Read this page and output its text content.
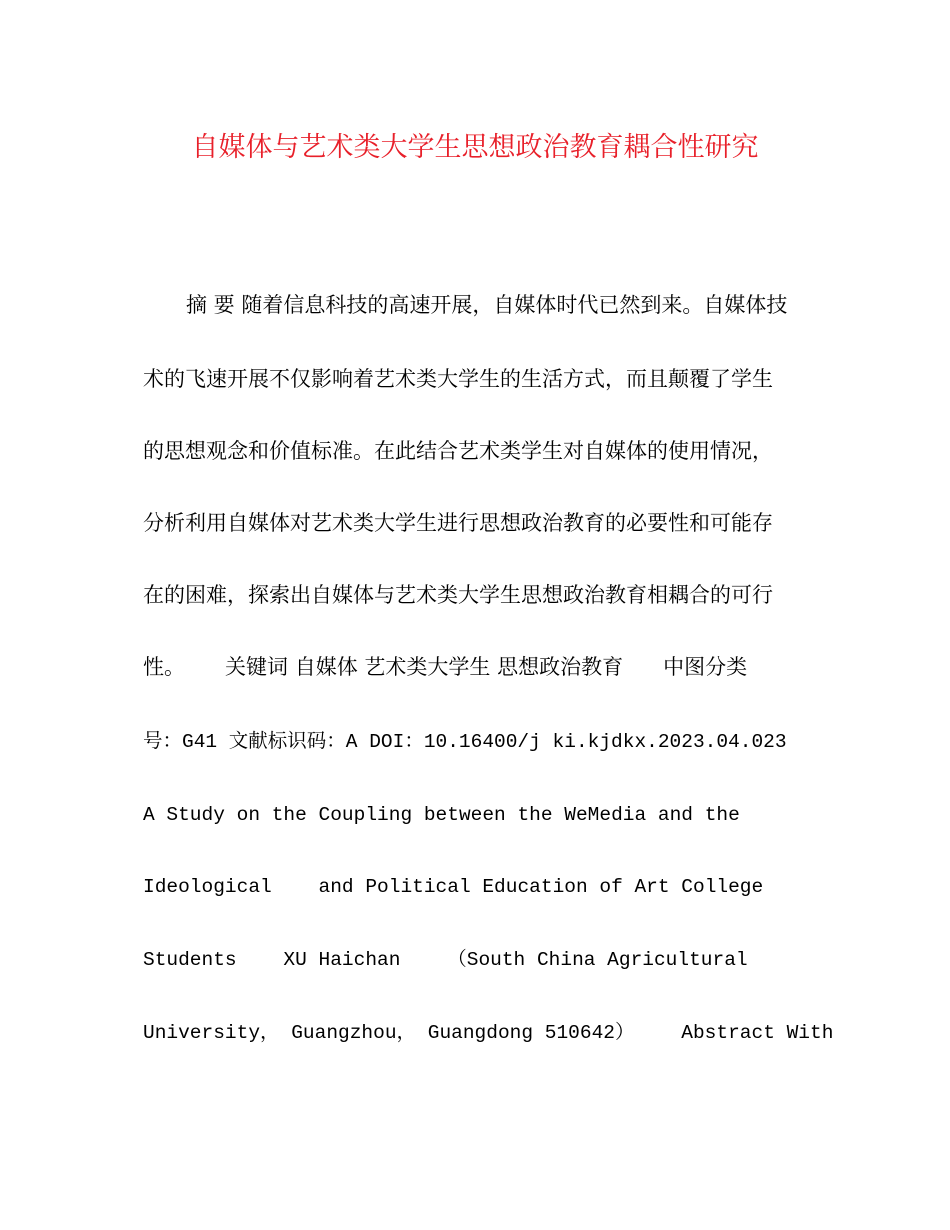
自媒体与艺术类大学生思想政治教育耦合性研究
摘 要 随着信息科技的高速开展，自媒体时代已然到来。自媒体技
术的飞速开展不仅影响着艺术类大学生的生活方式，而且颠覆了学生
的思想观念和价值标准。在此结合艺术类学生对自媒体的使用情况，
分析利用自媒体对艺术类大学生进行思想政治教育的必要性和可能存
在的困难，探索出自媒体与艺术类大学生思想政治教育相耦合的可行
性。      关键词 自媒体 艺术类大学生 思想政治教育      中图分类
号：G41 文献标识码：A DOI：10.16400/j ki.kjdkx.2023.04.023
A Study on the Coupling between the WeMedia and the
Ideological    and Political Education of Art College
Students    XU Haichan    （South China Agricultural
University， Guangzhou， Guangdong 510642）    Abstract With
